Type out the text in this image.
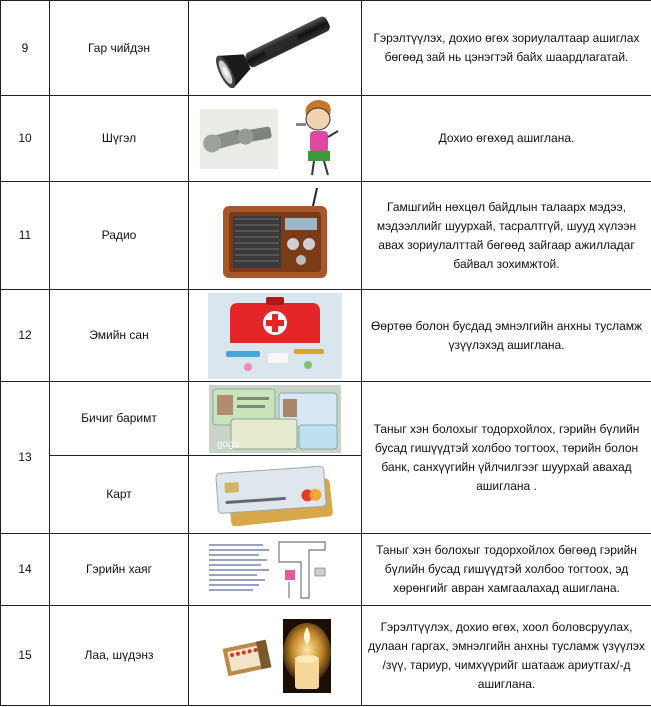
9	Гар чийдэн		Гэрэлтүүлэх, дохио өгөх зориулалтаар ашиглах бөгөөд зай нь цэнэгтэй байх шаардлагатай.
10	Шүгэл		Дохио өгөхөд ашиглана.
11	Радио		Гамшгийн нөхцөл байдлын талаарх мэдээ, мэдээллийг шуурхай, тасралтгүй, шууд хүлээн авах зориулалттай бөгөөд зайгаар ажилладаг байвал зохимжтой.
12	Эмийн сан		Өөртөө болон бусдад эмнэлгийн анхны тусламж үзүүлэхэд ашиглана.
13	Бичиг баримт	gogo	Таныг хэн болохыг тодорхойлох, гэрийн бүлийн бусад гишүүдтэй холбоо тогтоох, төрийн болон банк, санхүүгийн үйлчилгээг шуурхай авахад ашиглана .
	Карт	

14	Гэрийн хаяг		Таныг хэн болохыг тодорхойлох бөгөөд гэрийн бүлийн бусад гишүүдтэй холбоо тогтоох, эд хөрөнгийг авран хамгаалахад ашиглана.
15	Лаа, шүдэнз		Гэрэлтүүлэх, дохио өгөх, хоол боловсруулах, дулаан гаргах, эмнэлгийн анхны тусламж үзүүлэх /зүү, тариур, чимхүүрийг шатааж ариутгах/-д ашиглана.
